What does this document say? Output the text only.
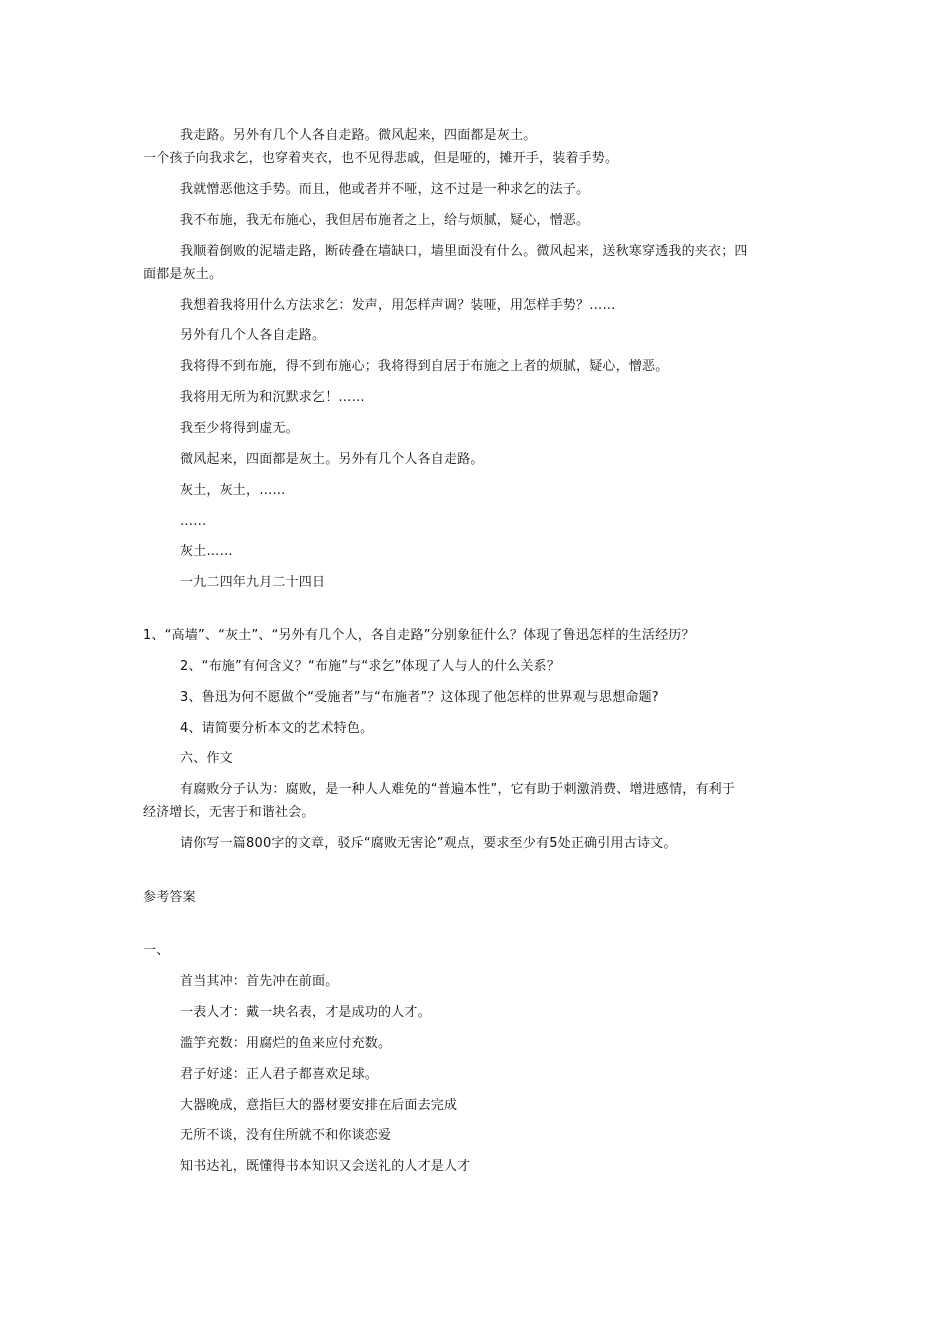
我走路。另外有几个人各自走路。微风起来，四面都是灰土。
一个孩子向我求乞，也穿着夹衣，也不见得悲戚，但是哑的，摊开手，装着手势。
我就憎恶他这手势。而且，他或者并不哑，这不过是一种求乞的法子。
我不布施，我无布施心，我但居布施者之上，给与烦腻，疑心，憎恶。
我顺着倒败的泥墙走路，断砖叠在墙缺口，墙里面没有什么。微风起来，送秋寒穿透我的夹衣；四
面都是灰土。
我想着我将用什么方法求乞：发声，用怎样声调？装哑，用怎样手势？……
另外有几个人各自走路。
我将得不到布施，得不到布施心；我将得到自居于布施之上者的烦腻，疑心，憎恶。
我将用无所为和沉默求乞！……
我至少将得到虚无。
微风起来，四面都是灰土。另外有几个人各自走路。
灰土，灰土，……
……
灰土……
一九二四年九月二十四日
1、“高墙”、“灰土”、“另外有几个人，各自走路”分别象征什么？体现了鲁迅怎样的生活经历？
2、“布施”有何含义？“布施”与“求乞”体现了人与人的什么关系？
3、鲁迅为何不愿做个“受施者”与“布施者”？这体现了他怎样的世界观与思想命题?
4、请简要分析本文的艺术特色。
六、作文
有腐败分子认为：腐败，是一种人人难免的“普遍本性”，它有助于刺激消费、增进感情，有利于
经济增长，无害于和谐社会。
请你写一篇800字的文章，驳斥“腐败无害论”观点，要求至少有5处正确引用古诗文。
参考答案
一、
首当其冲：首先冲在前面。
一表人才：戴一块名表，才是成功的人才。
滥竽充数：用腐烂的鱼来应付充数。
君子好逑：正人君子都喜欢足球。
大器晚成，意指巨大的器材要安排在后面去完成
无所不谈，没有住所就不和你谈恋爱
知书达礼，既懂得书本知识又会送礼的人才是人才
